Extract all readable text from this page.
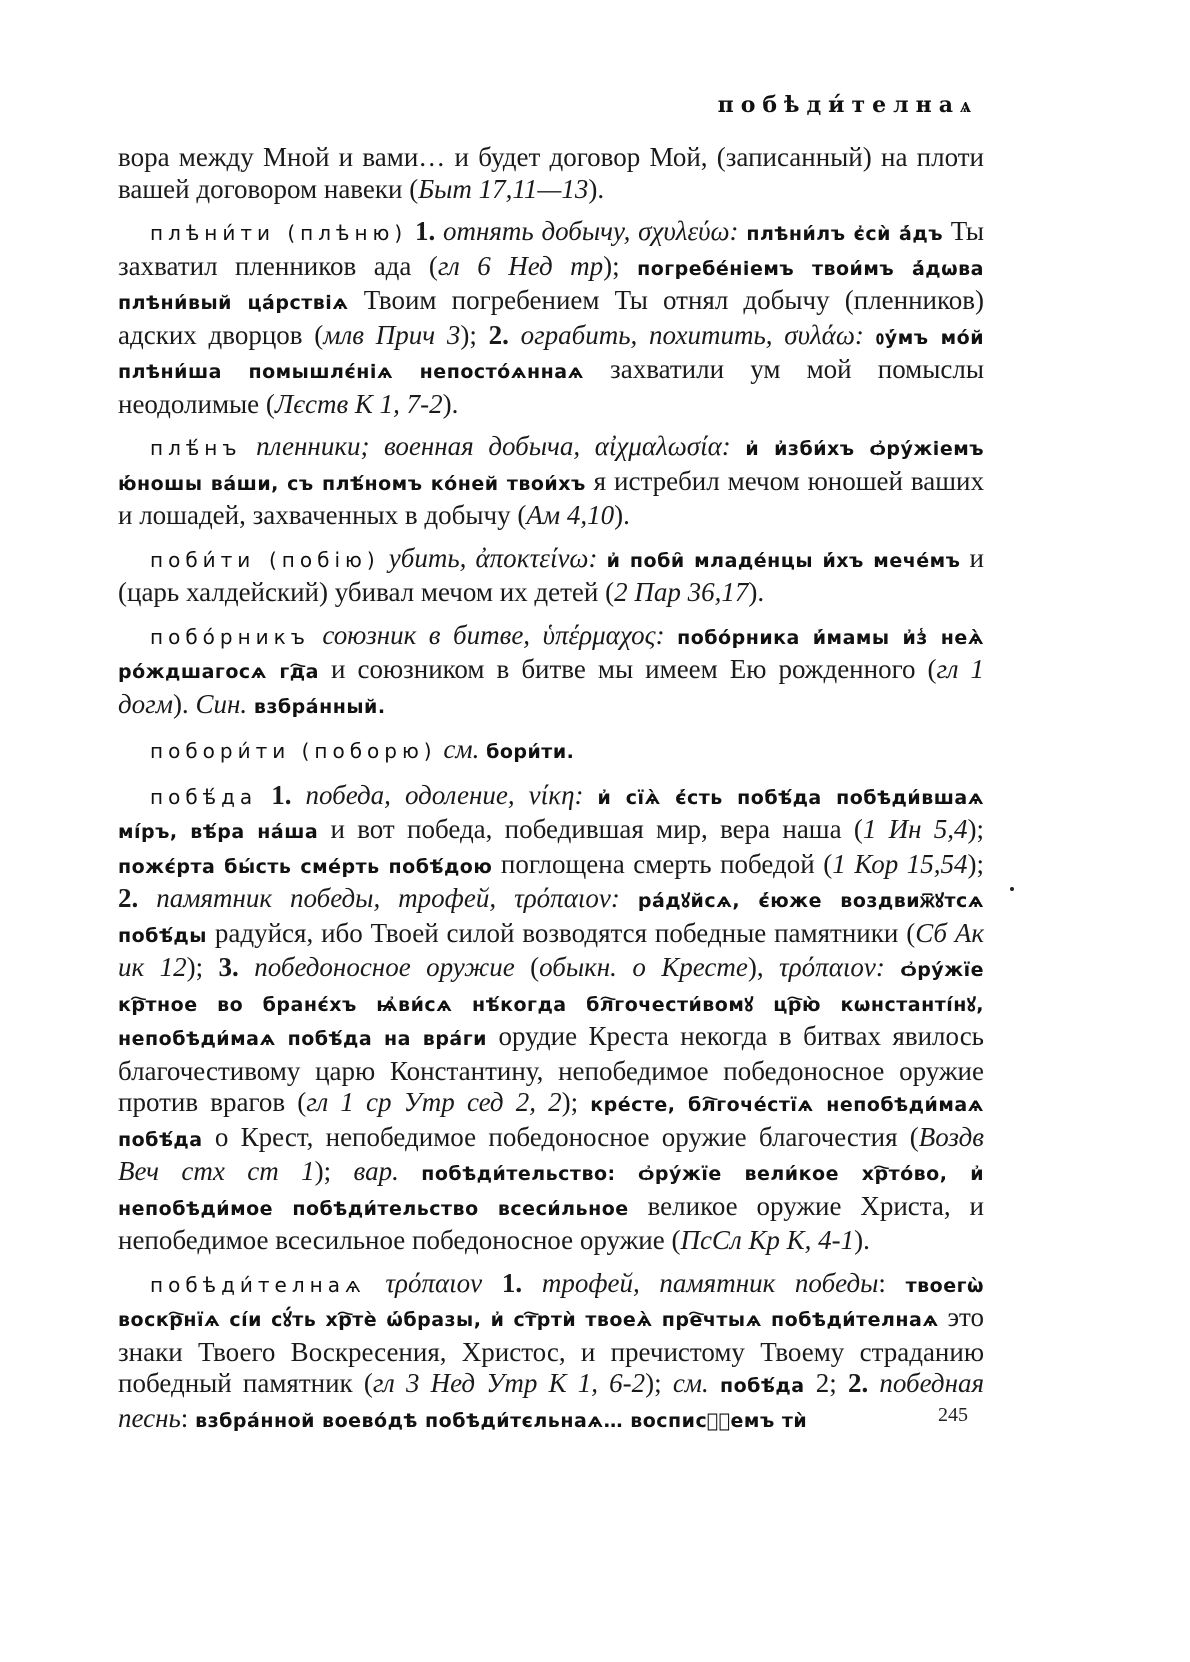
побѣди́телнаѧ

вора между Мной и вами… и будет договор Мой, (записанный) на плоти вашей договором навеки (Быт 17,11—13).

плѣни́ти (плѣню) 1. отнять добычу, σχυλεύω: плѣни́лъ є҆сѝ а҆́дъ Ты захватил пленников ада (гл 6 Нед тр); погребе́ніемъ твои́мъ а҆́дѡва плѣни́вый ца́рствіѧ Твоим погребением Ты отнял добычу (пленников) адских дворцов (млв Прич 3); 2. ограбить, похитить, συλάω: ᲂу҆́мъ мо́й плѣни́ша помышлє́ніѧ непосто́ѧннаѧ захватили ум мой помыслы неодолимые (Лєств К 1, 7-2).

плѣ́нъ пленники; военная добыча, αἰχμαλωσία: и҆ и҆зби́хъ ѻ҆ру́жіемъ ю҆́ношы ва́ши, съ плѣ́номъ ко́ней твои́хъ я истребил мечом юношей ваших и лошадей, захваченных в добычу (Ам 4,10).

поби́ти (побію) убить, ἀποκτείνω: и҆ поби̑ младе́нцы и҆́хъ мече́мъ и (царь халдейский) убивал мечом их детей (2 Пар 36,17).

побо́рникъ союзник в битве, ὑπέρμαχος: побо́рника и҆́мамы и҆з̾ неѧ̀ ро́ждшагосѧ гд҇а и союзником в битве мы имеем Ею рожденного (гл 1 догм). Син. взбра́нный.

побори́ти (поборю) см. бори́ти.

побѣ́да 1. победа, одоление, νίκη: и҆ сїѧ̀ є҆́сть побѣ́да побѣди́вшаѧ мі́ръ, вѣ́ра на́ша и вот победа, победившая мир, вера наша (1 Ин 5,4); пожє́рта бы́сть сме́рть побѣ́дою поглощена смерть победой (1 Кор 15,54); 2. памятник победы, трофей, τρόπαιον: ра́дꙋйсѧ, є҆́юже воздвиж꙯ꙋтсѧ побѣ́ды радуйся, ибо Твоей силой возводятся победные памятники (Сб Ак ик 12); 3. победоносное оружие (обыкн. о Кресте), τρόπαιον: ѻ҆ру́жїе кр҇тное во бранє́хъ ѩ҆ви́сѧ нѣ́когда бл҇гочести́вомꙋ цр҇ю̀ кѡнстанті́нꙋ, непобѣди́маѧ побѣ́да на вра́ги орудие Креста некогда в битвах явилось благочестивому царю Константину, непобедимое победоносное оружие против врагов (гл 1 ср Утр сед 2, 2); кре́сте, бл҇гоче́стїѧ непобѣди́маѧ побѣ́да о Крест, непобедимое победоносное оружие благочестия (Воздв Веч стх ст 1); вар. побѣди́тельство: ѻ҆ру́жїе вели́кое хр҇то́во, и҆ непобѣди́мое побѣди́тельство всеси́льное великое оружие Христа, и непобедимое всесильное победоносное оружие (ПсСл Кр К, 4-1).

побѣди́телнаѧ τρόπαιον 1. трофей, памятник победы: твоегѡ̀ воскр҇нїѧ сі́и сꙋ́ть хр҇тѐ ѡ҆́бразы, и҆ ст҇ртѝ твоеѧ̀ пре҇чтыѧ побѣди́телнаѧ это знаки Твоего Воскресения, Христос, и пречистому Твоему страданию победный памятник (гл 3 Нед Утр К 1, 6-2); см. побѣ́да 2; 2. победная песнь: взбра́нной воево́дѣ побѣди́тєльнаѧ… воспис꙯ꙋемъ тѝ	245
